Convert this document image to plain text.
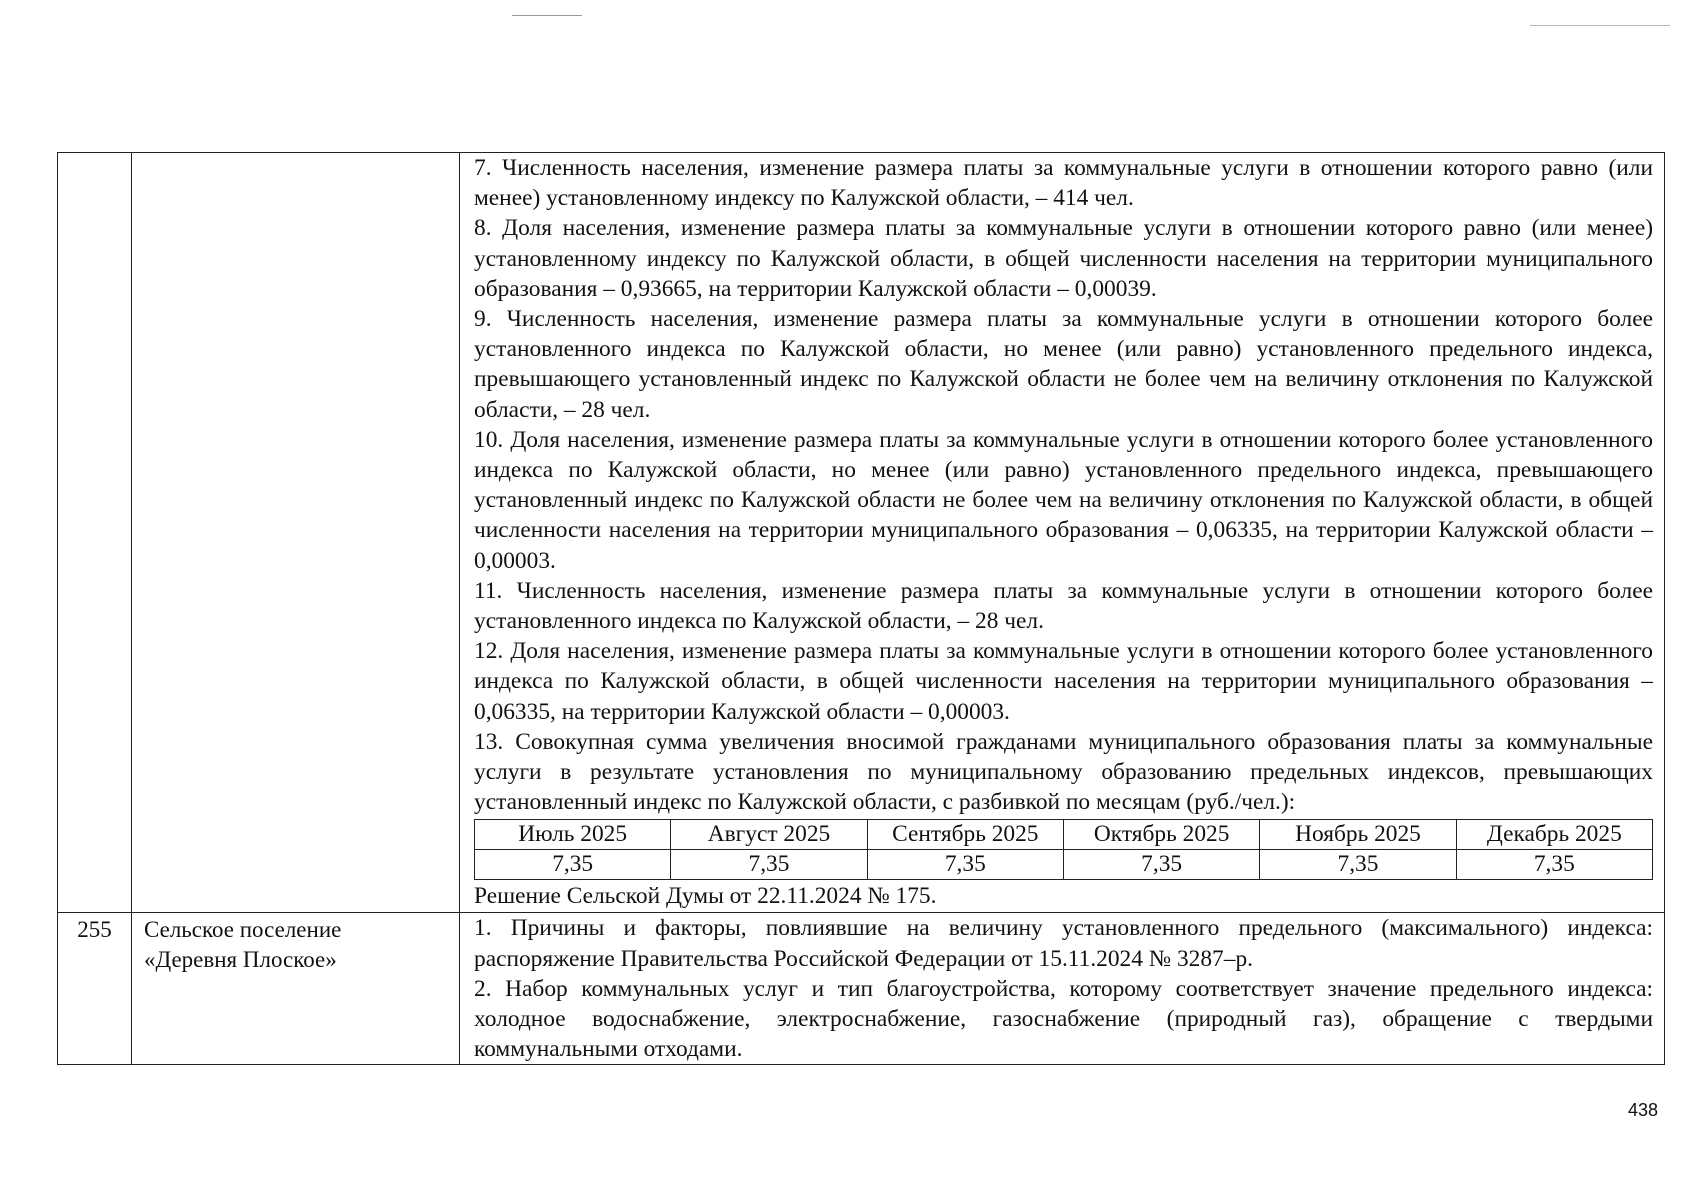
7. Численность населения, изменение размера платы за коммунальные услуги в отношении которого равно (или менее) установленному индексу по Калужской области, – 414 чел.

8. Доля населения, изменение размера платы за коммунальные услуги в отношении которого равно (или менее) установленному индексу по Калужской области, в общей численности населения на территории муниципального образования – 0,93665, на территории Калужской области – 0,00039.

9. Численность населения, изменение размера платы за коммунальные услуги в отношении которого более установленного индекса по Калужской области, но менее (или равно) установленного предельного индекса, превышающего установленный индекс по Калужской области не более чем на величину отклонения по Калужской области, – 28 чел.

10. Доля населения, изменение размера платы за коммунальные услуги в отношении которого более установленного индекса по Калужской области, но менее (или равно) установленного предельного индекса, превышающего установленный индекс по Калужской области не более чем на величину отклонения по Калужской области, в общей численности населения на территории муниципального образования – 0,06335, на территории Калужской области – 0,00003.

11. Численность населения, изменение размера платы за коммунальные услуги в отношении которого более установленного индекса по Калужской области, – 28 чел.

12. Доля населения, изменение размера платы за коммунальные услуги в отношении которого более установленного индекса по Калужской области, в общей численности населения на территории муниципального образования – 0,06335, на территории Калужской области – 0,00003.

13. Совокупная сумма увеличения вносимой гражданами муниципального образования платы за коммунальные услуги в результате установления по муниципальному образованию предельных индексов, превышающих установленный индекс по Калужской области, с разбивкой по месяцам (руб./чел.):

Июль 2025	Август 2025	Сентябрь 2025	Октябрь 2025	Ноябрь 2025	Декабрь 2025
7,35	7,35	7,35	7,35	7,35	7,35

Решение Сельской Думы от 22.11.2024 № 175.

255	Сельское поселение
«Деревня Плоское»

1. Причины и факторы, повлиявшие на величину установленного предельного (максимального) индекса: распоряжение Правительства Российской Федерации от 15.11.2024 № 3287–р.

2. Набор коммунальных услуг и тип благоустройства, которому соответствует значение предельного индекса: холодное водоснабжение, электроснабжение, газоснабжение (природный газ), обращение с твердыми коммунальными отходами.

438
